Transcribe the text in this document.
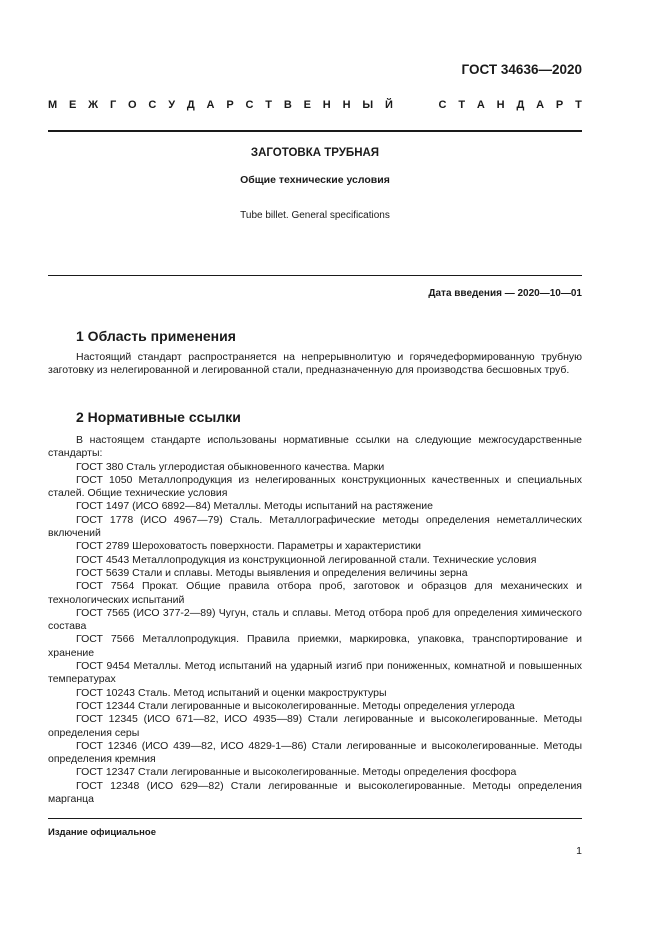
ГОСТ 34636—2020
М Е Ж Г О С У Д А Р С Т В Е Н Н Ы Й	С Т А Н Д А Р Т
ЗАГОТОВКА ТРУБНАЯ
Общие технические условия
Tube billet. General specifications
Дата введения — 2020—10—01
1 Область применения

Настоящий стандарт распространяется на непрерывнолитую и горячедеформированную трубную заготовку из нелегированной и легированной стали, предназначенную для производства бесшовных труб.

2 Нормативные ссылки

В настоящем стандарте использованы нормативные ссылки на следующие межгосударственные стандарты:

ГОСТ 380 Сталь углеродистая обыкновенного качества. Марки

ГОСТ 1050 Металлопродукция из нелегированных конструкционных качественных и специальных сталей. Общие технические условия

ГОСТ 1497 (ИСО 6892—84) Металлы. Методы испытаний на растяжение

ГОСТ 1778 (ИСО 4967—79) Сталь. Металлографические методы определения неметаллических включений

ГОСТ 2789 Шероховатость поверхности. Параметры и характеристики

ГОСТ 4543 Металлопродукция из конструкционной легированной стали. Технические условия

ГОСТ 5639 Стали и сплавы. Методы выявления и определения величины зерна

ГОСТ 7564 Прокат. Общие правила отбора проб, заготовок и образцов для механических и технологических испытаний

ГОСТ 7565 (ИСО 377-2—89) Чугун, сталь и сплавы. Метод отбора проб для определения химического состава

ГОСТ 7566 Металлопродукция. Правила приемки, маркировка, упаковка, транспортирование и хранение

ГОСТ 9454 Металлы. Метод испытаний на ударный изгиб при пониженных, комнатной и повышенных температурах

ГОСТ 10243 Сталь. Метод испытаний и оценки макроструктуры

ГОСТ 12344 Стали легированные и высоколегированные. Методы определения углерода

ГОСТ 12345 (ИСО 671—82, ИСО 4935—89) Стали легированные и высоколегированные. Методы определения серы

ГОСТ 12346 (ИСО 439—82, ИСО 4829-1—86) Стали легированные и высоколегированные. Методы определения кремния

ГОСТ 12347 Стали легированные и высоколегированные. Методы определения фосфора

ГОСТ 12348 (ИСО 629—82) Стали легированные и высоколегированные. Методы определения марганца

Издание официальное
1
